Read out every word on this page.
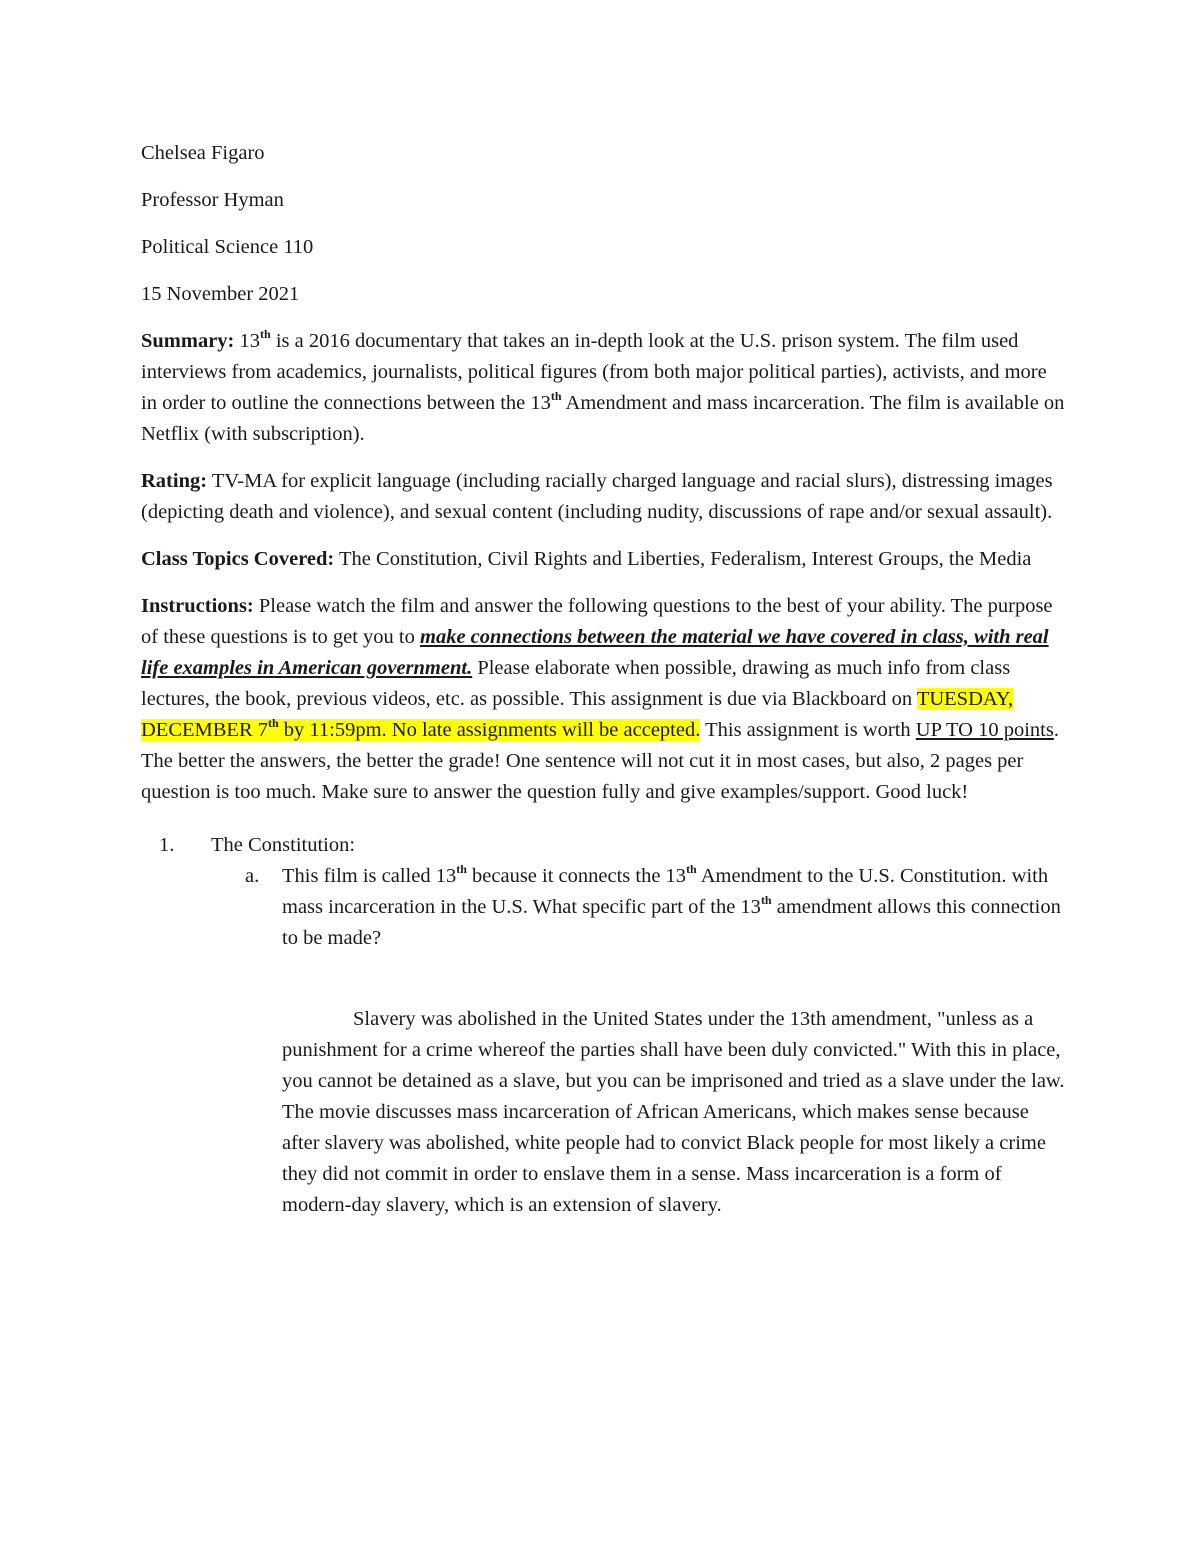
Chelsea Figaro
Professor Hyman
Political Science 110
15 November 2021

Summary: 13th is a 2016 documentary that takes an in-depth look at the U.S. prison system. The film used interviews from academics, journalists, political figures (from both major political parties), activists, and more in order to outline the connections between the 13th Amendment and mass incarceration. The film is available on Netflix (with subscription).

Rating: TV-MA for explicit language (including racially charged language and racial slurs), distressing images (depicting death and violence), and sexual content (including nudity, discussions of rape and/or sexual assault).

Class Topics Covered: The Constitution, Civil Rights and Liberties, Federalism, Interest Groups, the Media

Instructions: Please watch the film and answer the following questions to the best of your ability. The purpose of these questions is to get you to make connections between the material we have covered in class, with real life examples in American government. Please elaborate when possible, drawing as much info from class lectures, the book, previous videos, etc. as possible. This assignment is due via Blackboard on TUESDAY, DECEMBER 7th by 11:59pm. No late assignments will be accepted. This assignment is worth UP TO 10 points. The better the answers, the better the grade! One sentence will not cut it in most cases, but also, 2 pages per question is too much. Make sure to answer the question fully and give examples/support. Good luck!

1. The Constitution:
a. This film is called 13th because it connects the 13th Amendment to the U.S. Constitution. with mass incarceration in the U.S. What specific part of the 13th amendment allows this connection to be made?
Slavery was abolished in the United States under the 13th amendment, "unless as a punishment for a crime whereof the parties shall have been duly convicted." With this in place, you cannot be detained as a slave, but you can be imprisoned and tried as a slave under the law. The movie discusses mass incarceration of African Americans, which makes sense because after slavery was abolished, white people had to convict Black people for most likely a crime they did not commit in order to enslave them in a sense. Mass incarceration is a form of modern-day slavery, which is an extension of slavery.
